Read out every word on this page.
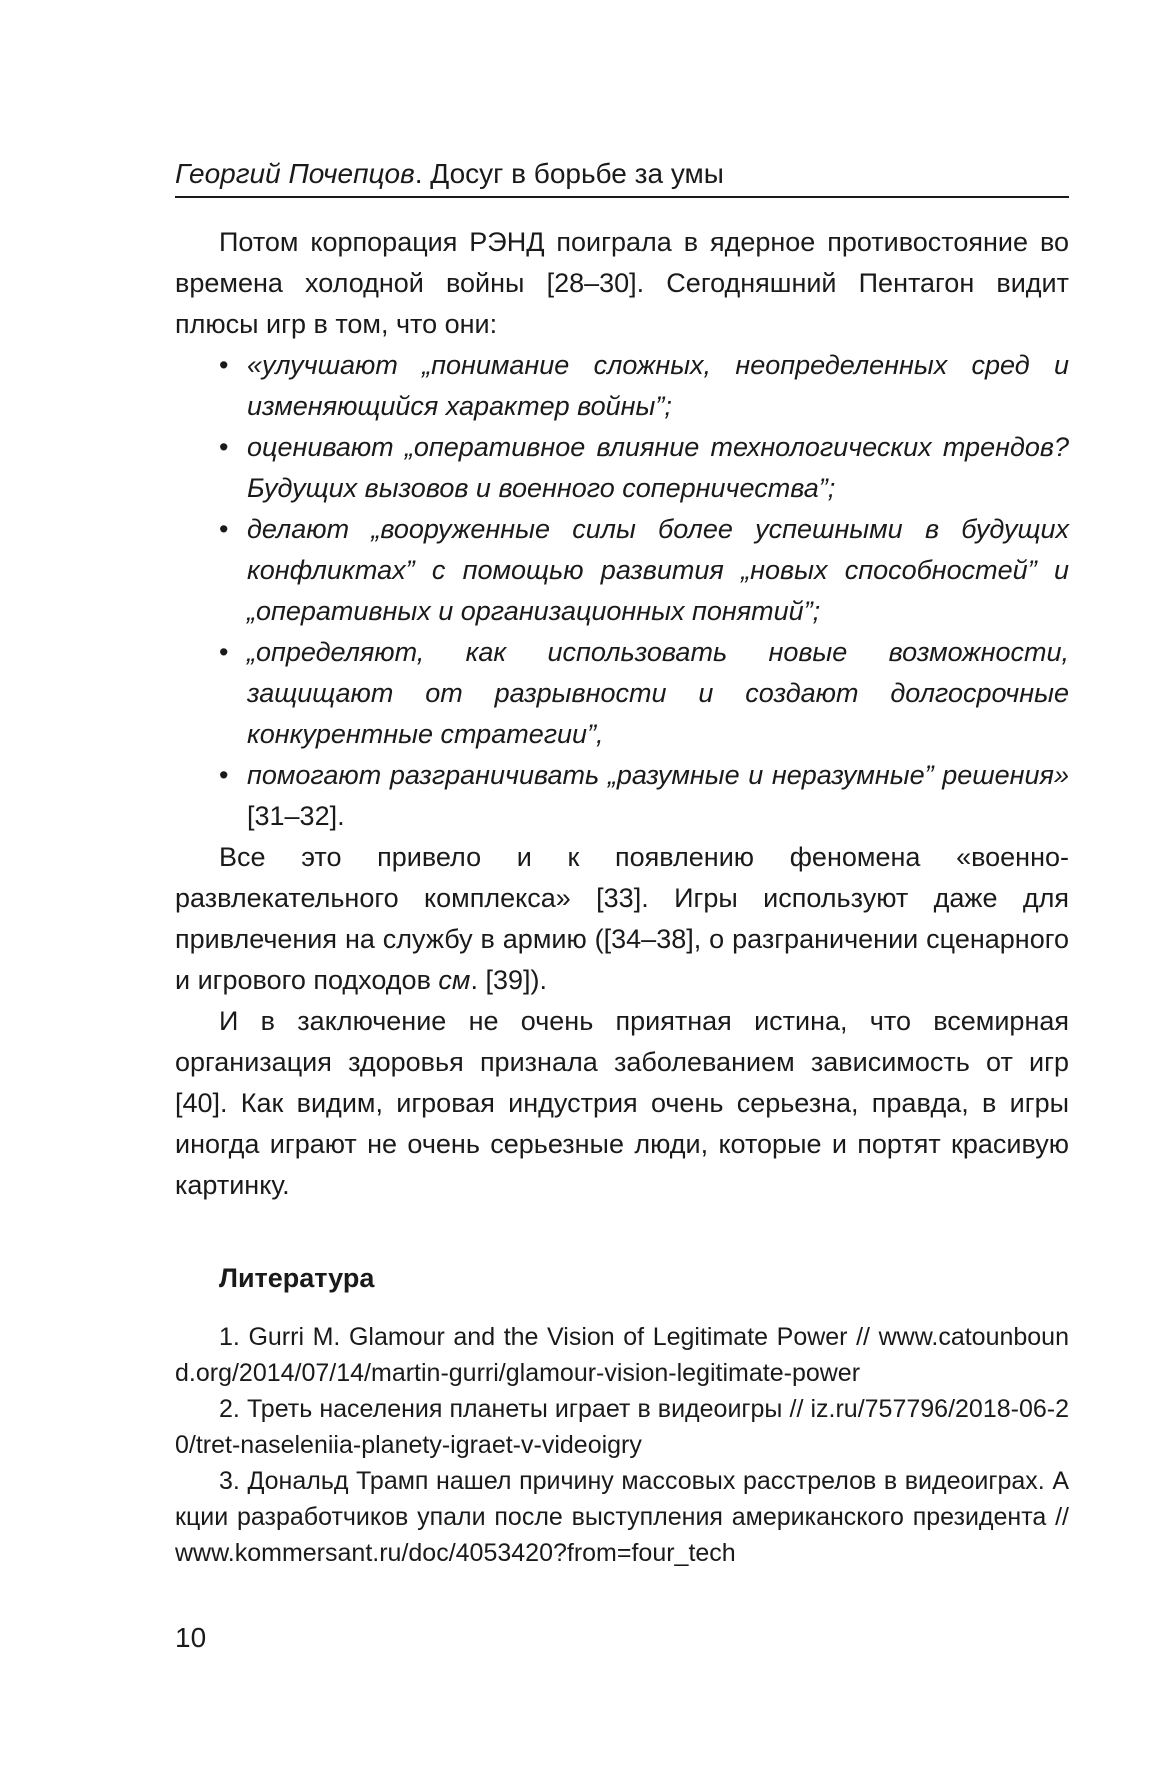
Георгий Почепцов. Досуг в борьбе за умы

Потом корпорация РЭНД поиграла в ядерное противостояние во времена холодной войны [28–30]. Сегодняшний Пентагон видит плюсы игр в том, что они:

• «улучшают „понимание сложных, неопределенных сред и изменяющийся характер войны”;
• оценивают „оперативное влияние технологических трендов? Будущих вызовов и военного соперничества”;
• делают „вооруженные силы более успешными в будущих конфликтах” с помощью развития „новых способностей” и „оперативных и организационных понятий”;
• „определяют, как использовать новые возможности, защищают от разрывности и создают долгосрочные конкурентные стратегии”,
• помогают разграничивать „разумные и неразумные” решения» [31–32].

Все это привело и к появлению феномена «военно-развлекательного комплекса» [33]. Игры используют даже для привлечения на службу в армию ([34–38], о разграничении сценарного и игрового подходов см. [39]).

И в заключение не очень приятная истина, что всемирная организация здоровья признала заболеванием зависимость от игр [40]. Как видим, игровая индустрия очень серьезна, правда, в игры иногда играют не очень серьезные люди, которые и портят красивую картинку.

Литература

1. Gurri M. Glamour and the Vision of Legitimate Power // www.catounbound.org/2014/07/14/martin-gurri/glamour-vision-legitimate-power

2. Треть населения планеты играет в видеоигры // iz.ru/757796/2018-06-20/tret-naseleniia-planety-igraet-v-videoigry

3. Дональд Трамп нашел причину массовых расстрелов в видеоиграх. Акции разработчиков упали после выступления американского президента // www.kommersant.ru/doc/4053420?from=four_tech

10
